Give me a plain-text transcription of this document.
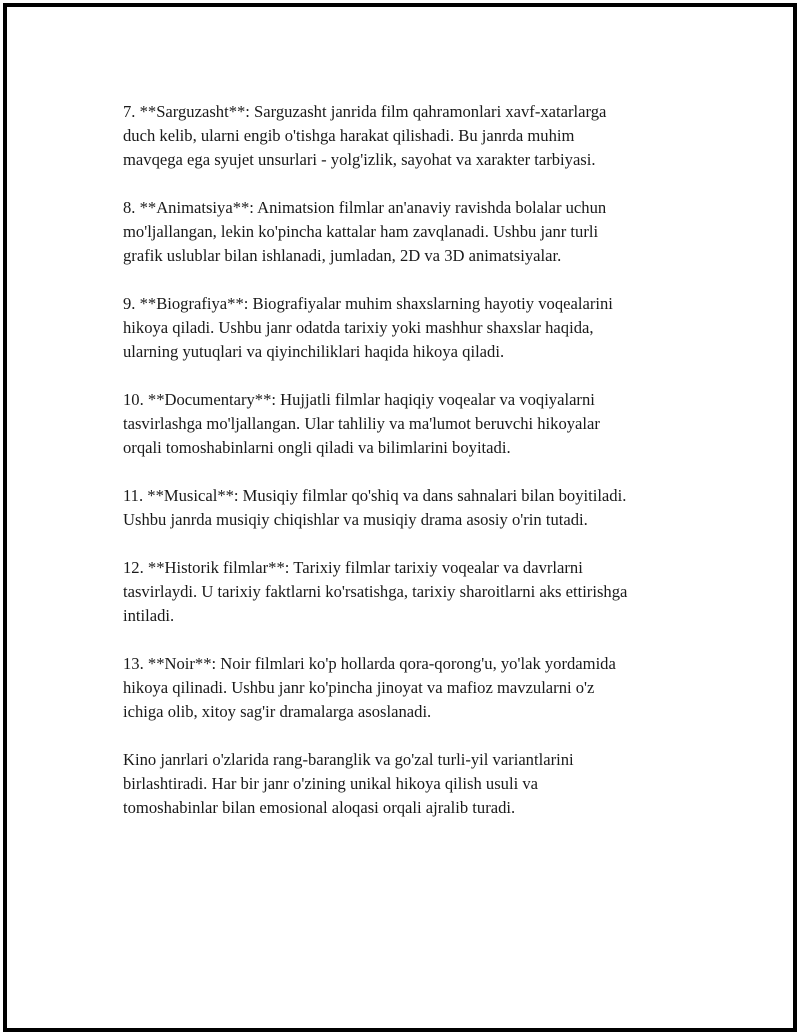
7. **Sarguzasht**: Sarguzasht janrida film qahramonlari xavf-xatarlarga
duch kelib, ularni engib o'tishga harakat qilishadi. Bu janrda muhim
mavqega ega syujet unsurlari - yolg'izlik, sayohat va xarakter tarbiyasi.

8. **Animatsiya**: Animatsion filmlar an'anaviy ravishda bolalar uchun
mo'ljallangan, lekin ko'pincha kattalar ham zavqlanadi. Ushbu janr turli
grafik uslublar bilan ishlanadi, jumladan, 2D va 3D animatsiyalar.

9. **Biografiya**: Biografiyalar muhim shaxslarning hayotiy voqealarini
hikoya qiladi. Ushbu janr odatda tarixiy yoki mashhur shaxslar haqida,
ularning yutuqlari va qiyinchiliklari haqida hikoya qiladi.

10. **Documentary**: Hujjatli filmlar haqiqiy voqealar va voqiyalarni
tasvirlashga mo'ljallangan. Ular tahliliy va ma'lumot beruvchi hikoyalar
orqali tomoshabinlarni ongli qiladi va bilimlarini boyitadi.

11. **Musical**: Musiqiy filmlar qo'shiq va dans sahnalari bilan boyitiladi.
Ushbu janrda musiqiy chiqishlar va musiqiy drama asosiy o'rin tutadi.

12. **Historik filmlar**: Tarixiy filmlar tarixiy voqealar va davrlarni
tasvirlaydi. U tarixiy faktlarni ko'rsatishga, tarixiy sharoitlarni aks ettirishga
intiladi.

13. **Noir**: Noir filmlari ko'p hollarda qora-qorong'u, yo'lak yordamida
hikoya qilinadi. Ushbu janr ko'pincha jinoyat va mafioz mavzularni o'z
ichiga olib, xitoy sag'ir dramalarga asoslanadi.

Kino janrlari o'zlarida rang-baranglik va go'zal turli-yil variantlarini
birlashtiradi. Har bir janr o'zining unikal hikoya qilish usuli va
tomoshabinlar bilan emosional aloqasi orqali ajralib turadi.
